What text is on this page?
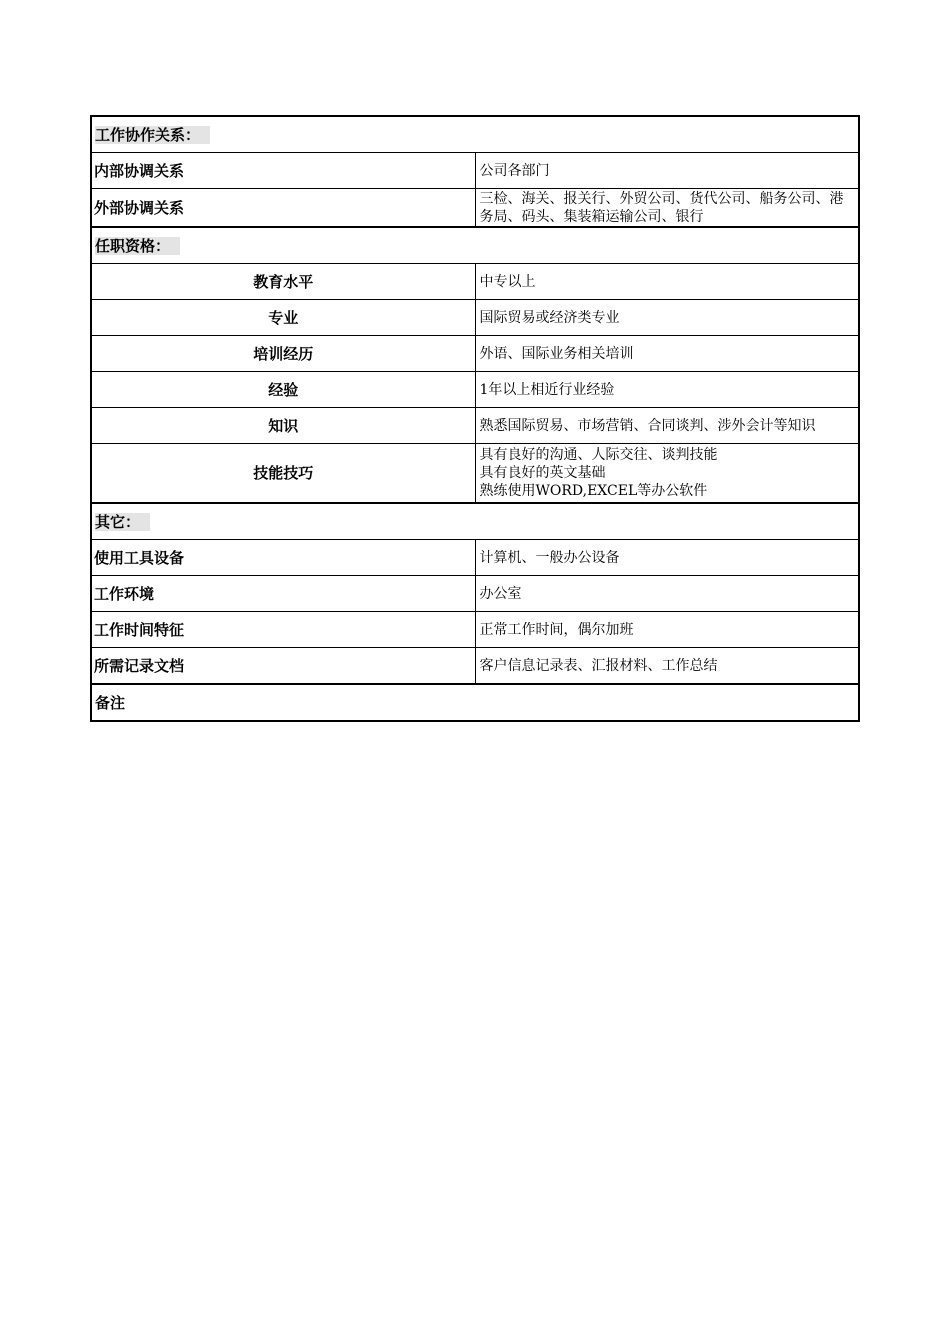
工作协作关系：	
内部协调关系	公司各部门
外部协调关系	三检、海关、报关行、外贸公司、货代公司、船务公司、港务局、码头、集装箱运输公司、银行
任职资格：	
教育水平	中专以上
专业	国际贸易或经济类专业
培训经历	外语、国际业务相关培训
经验	1年以上相近行业经验
知识	熟悉国际贸易、市场营销、合同谈判、涉外会计等知识
技能技巧	具有良好的沟通、人际交往、谈判技能
具有良好的英文基础
熟练使用WORD,EXCEL等办公软件

其它：	
使用工具设备	计算机、一般办公设备
工作环境	办公室
工作时间特征	正常工作时间，偶尔加班
所需记录文档	客户信息记录表、汇报材料、工作总结
备注	
